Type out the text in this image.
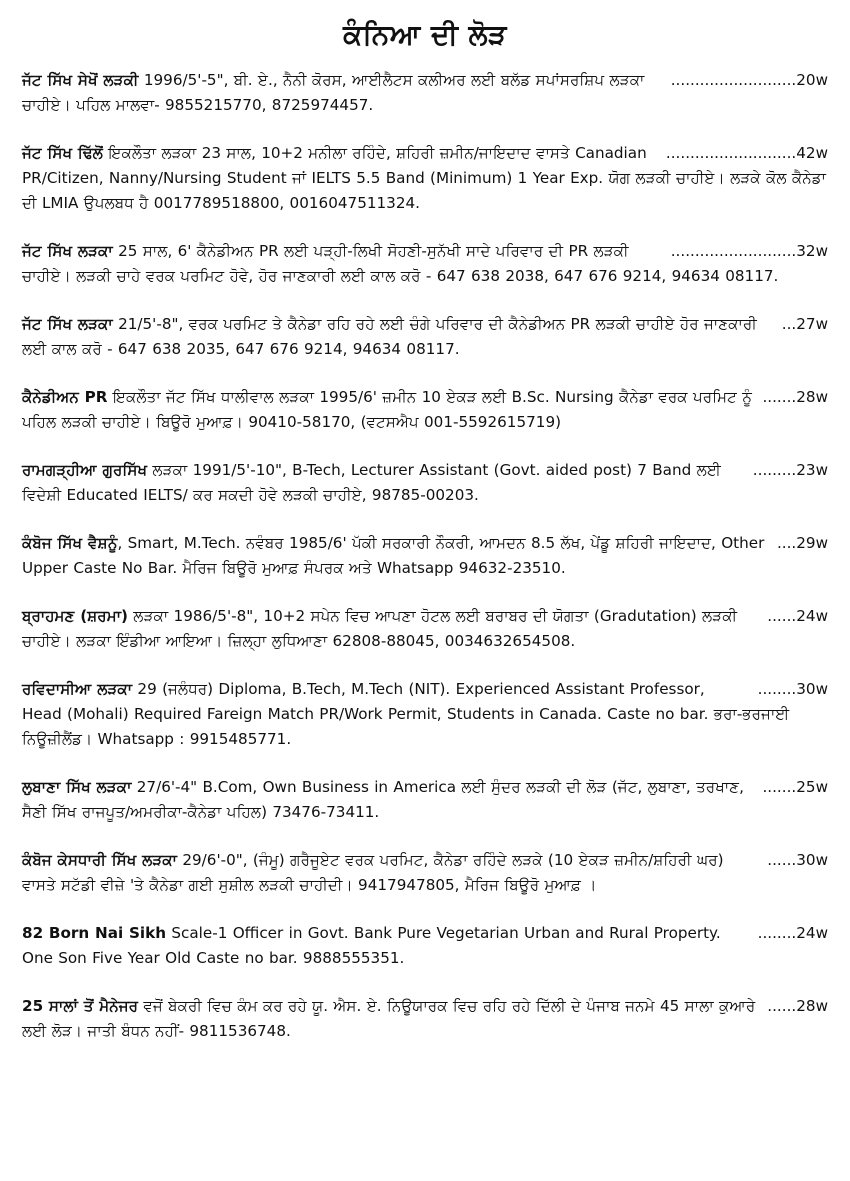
ਕੰਨਿਆ ਦੀ ਲੋੜ
..........................20w
ਜੱਟ ਸਿੱਖ ਸੇਖੋਂ ਲੜਕੀ 1996/5'-5", ਬੀ. ਏ., ਨੈਨੀ ਕੋਰਸ, ਆਈਲੈਟਸ ਕਲੀਅਰ ਲਈ ਬਲੱਡ ਸਪਾਂਸਰਸ਼ਿਪ ਲੜਕਾ ਚਾਹੀਏ। ਪਹਿਲ ਮਾਲਵਾ- 9855215770, 8725974457.
...........................42w
ਜੱਟ ਸਿੱਖ ਢਿੱਲੋਂ ਇਕਲੌਤਾ ਲੜਕਾ 23 ਸਾਲ, 10+2 ਮਨੀਲਾ ਰਹਿੰਦੇ, ਸ਼ਹਿਰੀ ਜ਼ਮੀਨ/ਜਾਇਦਾਦ ਵਾਸਤੇ Canadian PR/Citizen, Nanny/Nursing Student ਜਾਂ IELTS 5.5 Band (Minimum) 1 Year Exp. ਯੋਗ ਲੜਕੀ ਚਾਹੀਏ। ਲੜਕੇ ਕੋਲ ਕੈਨੇਡਾ ਦੀ LMIA ਉਪਲਬਧ ਹੈ 0017789518800, 0016047511324.
..........................32w
ਜੱਟ ਸਿੱਖ ਲੜਕਾ 25 ਸਾਲ, 6' ਕੈਨੇਡੀਅਨ PR ਲਈ ਪੜ੍ਹੀ-ਲਿਖੀ ਸੋਹਣੀ-ਸੁਨੱਖੀ ਸਾਦੇ ਪਰਿਵਾਰ ਦੀ PR ਲੜਕੀ ਚਾਹੀਏ। ਲੜਕੀ ਚਾਹੇ ਵਰਕ ਪਰਮਿਟ ਹੋਵੇ, ਹੋਰ ਜਾਣਕਾਰੀ ਲਈ ਕਾਲ ਕਰੋ - 647 638 2038, 647 676 9214, 94634 08117.
...27w
ਜੱਟ ਸਿੱਖ ਲੜਕਾ 21/5'-8", ਵਰਕ ਪਰਮਿਟ ਤੇ ਕੈਨੇਡਾ ਰਹਿ ਰਹੇ ਲਈ ਚੰਗੇ ਪਰਿਵਾਰ ਦੀ ਕੈਨੇਡੀਅਨ PR ਲੜਕੀ ਚਾਹੀਏ ਹੋਰ ਜਾਣਕਾਰੀ ਲਈ ਕਾਲ ਕਰੋ - 647 638 2035, 647 676 9214, 94634 08117.
.......28w
ਕੈਨੇਡੀਅਨ PR ਇਕਲੌਤਾ ਜੱਟ ਸਿੱਖ ਧਾਲੀਵਾਲ ਲੜਕਾ 1995/6' ਜ਼ਮੀਨ 10 ਏਕੜ ਲਈ B.Sc. Nursing ਕੈਨੇਡਾ ਵਰਕ ਪਰਮਿਟ ਨੂੰ ਪਹਿਲ ਲੜਕੀ ਚਾਹੀਏ। ਬਿਊਰੋ ਮੁਆਫ਼। 90410-58170, (ਵਟਸਐਪ 001-5592615719)
.........23w
ਰਾਮਗੜ੍ਹੀਆ ਗੁਰਸਿੱਖ ਲੜਕਾ 1991/5'-10", B-Tech, Lecturer Assistant (Govt. aided post) 7 Band ਲਈ ਵਿਦੇਸ਼ੀ Educated IELTS/ ਕਰ ਸਕਦੀ ਹੋਵੇ ਲੜਕੀ ਚਾਹੀਏ, 98785-00203.
....29w
ਕੰਬੋਜ ਸਿੱਖ ਵੈਸ਼ਨੂੰ, Smart, M.Tech. ਨਵੰਬਰ 1985/6' ਪੱਕੀ ਸਰਕਾਰੀ ਨੌਕਰੀ, ਆਮਦਨ 8.5 ਲੱਖ, ਪੇਂਡੂ ਸ਼ਹਿਰੀ ਜਾਇਦਾਦ, Other Upper Caste No Bar. ਮੈਰਿਜ ਬਿਊਰੋ ਮੁਆਫ਼ ਸੰਪਰਕ ਅਤੇ Whatsapp 94632-23510.
......24w
ਬ੍ਰਾਹਮਣ (ਸ਼ਰਮਾ) ਲੜਕਾ 1986/5'-8", 10+2 ਸਪੇਨ ਵਿਚ ਆਪਣਾ ਹੋਟਲ ਲਈ ਬਰਾਬਰ ਦੀ ਯੋਗਤਾ (Gradutation) ਲੜਕੀ ਚਾਹੀਏ। ਲੜਕਾ ਇੰਡੀਆ ਆਇਆ। ਜ਼ਿਲ੍ਹਾ ਲੁਧਿਆਣਾ 62808-88045, 0034632654508.
........30w
ਰਵਿਦਾਸੀਆ ਲੜਕਾ 29 (ਜਲੰਧਰ) Diploma, B.Tech, M.Tech (NIT). Experienced Assistant Professor, Head (Mohali) Required Fareign Match PR/Work Permit, Students in Canada. Caste no bar. ਭਰਾ-ਭਰਜਾਈ ਨਿਊਜ਼ੀਲੈਂਡ। Whatsapp : 9915485771.
.......25w
ਲੁਬਾਣਾ ਸਿੱਖ ਲੜਕਾ 27/6'-4" B.Com, Own Business in America ਲਈ ਸੁੰਦਰ ਲੜਕੀ ਦੀ ਲੋੜ (ਜੱਟ, ਲੁਬਾਣਾ, ਤਰਖਾਣ, ਸੈਣੀ ਸਿੱਖ ਰਾਜਪੂਤ/ਅਮਰੀਕਾ-ਕੈਨੇਡਾ ਪਹਿਲ) 73476-73411.
......30w
ਕੰਬੋਜ ਕੇਸਧਾਰੀ ਸਿੱਖ ਲੜਕਾ 29/6'-0", (ਜੰਮੂ) ਗਰੈਜੂਏਟ ਵਰਕ ਪਰਮਿਟ, ਕੈਨੇਡਾ ਰਹਿੰਦੇ ਲੜਕੇ (10 ਏਕੜ ਜ਼ਮੀਨ/ਸ਼ਹਿਰੀ ਘਰ) ਵਾਸਤੇ ਸਟੱਡੀ ਵੀਜ਼ੇ 'ਤੇ ਕੈਨੇਡਾ ਗਈ ਸੁਸ਼ੀਲ ਲੜਕੀ ਚਾਹੀਦੀ। 9417947805, ਮੈਰਿਜ ਬਿਊਰੋ ਮੁਆਫ਼ ।
........24w
82 Born Nai Sikh Scale-1 Officer in Govt. Bank Pure Vegetarian Urban and Rural Property. One Son Five Year Old Caste no bar. 9888555351.
......28w
25 ਸਾਲਾਂ ਤੋਂ ਮੈਨੇਜਰ ਵਜੋਂ ਬੇਕਰੀ ਵਿਚ ਕੰਮ ਕਰ ਰਹੇ ਯੂ. ਐਸ. ਏ. ਨਿਊਯਾਰਕ ਵਿਚ ਰਹਿ ਰਹੇ ਦਿੱਲੀ ਦੇ ਪੰਜਾਬ ਜਨਮੇ 45 ਸਾਲਾ ਕੁਆਰੇ ਲਈ ਲੋੜ। ਜਾਤੀ ਬੰਧਨ ਨਹੀਂ- 9811536748.
